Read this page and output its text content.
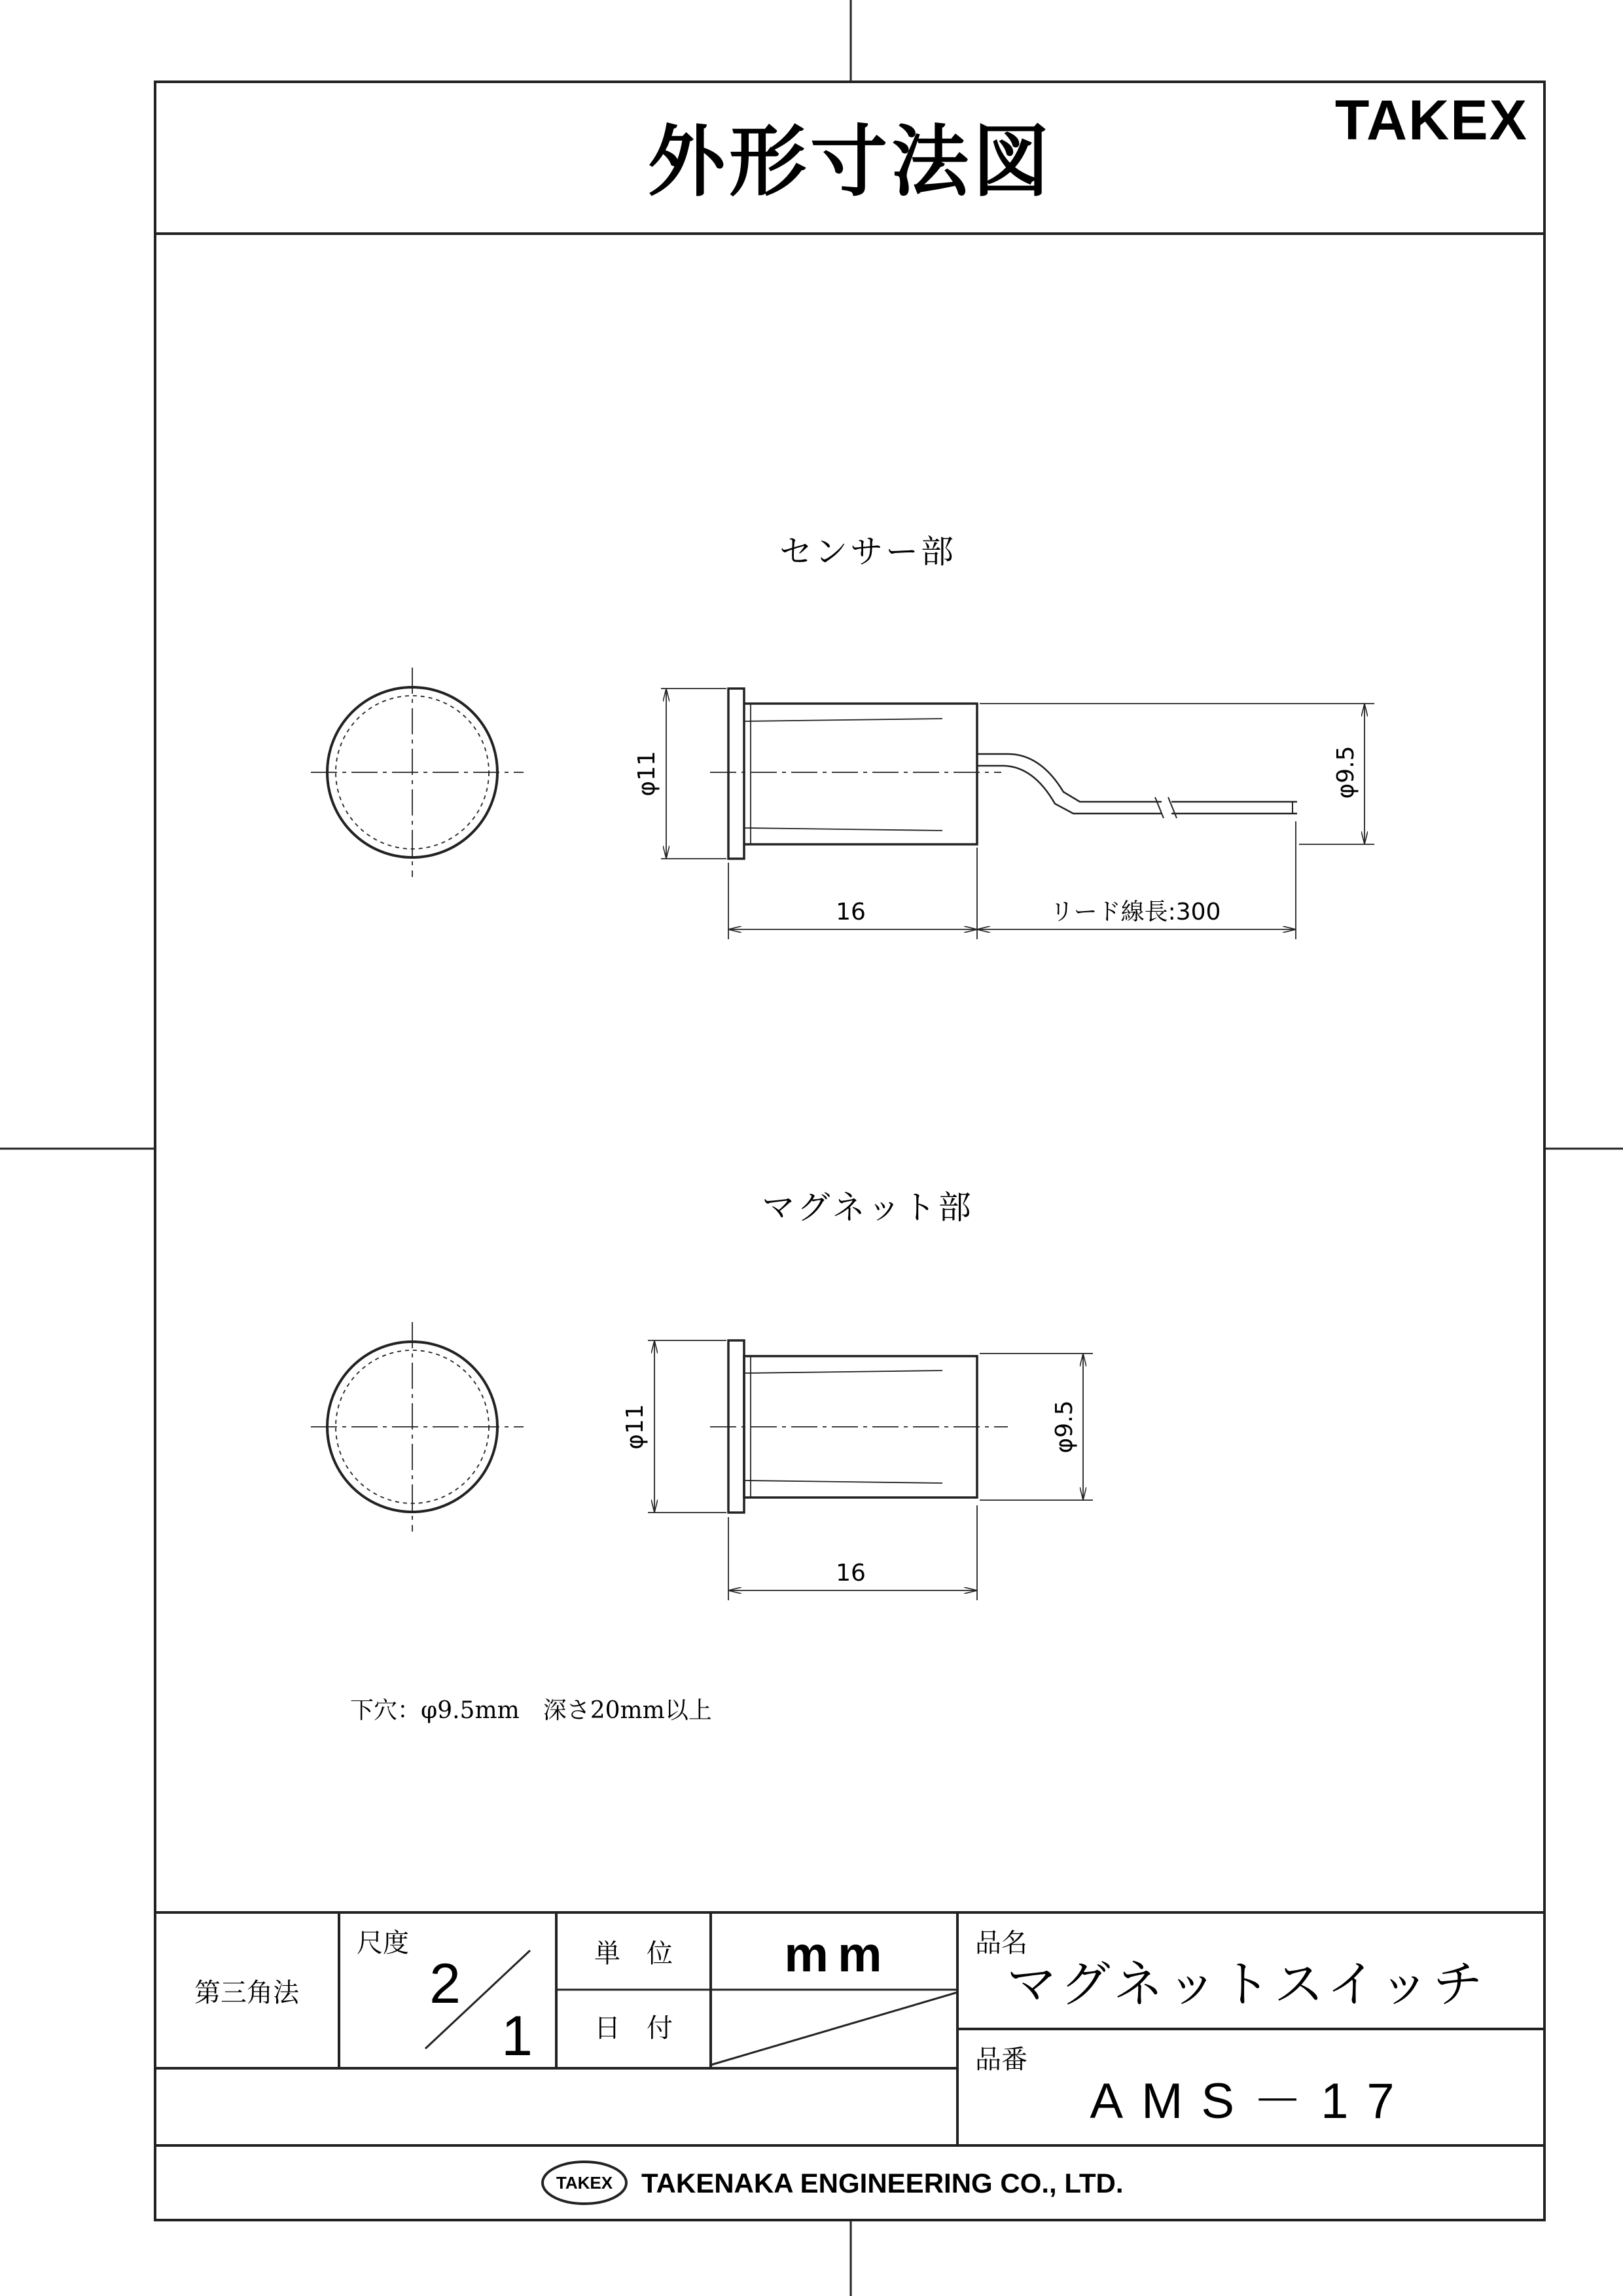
外形寸法図	TAKEX
センサー部
φ11	φ9.5
16	リード線長:300
マグネット部
φ11	φ9.5
16
下穴：φ9.5mm　深さ20mm以上
第三角法
尺度
2
1
単　位 mm
日　付
品名
マグネットスイッチ
品番
AMS－17
TAKEX TAKENAKA ENGINEERING CO., LTD.
